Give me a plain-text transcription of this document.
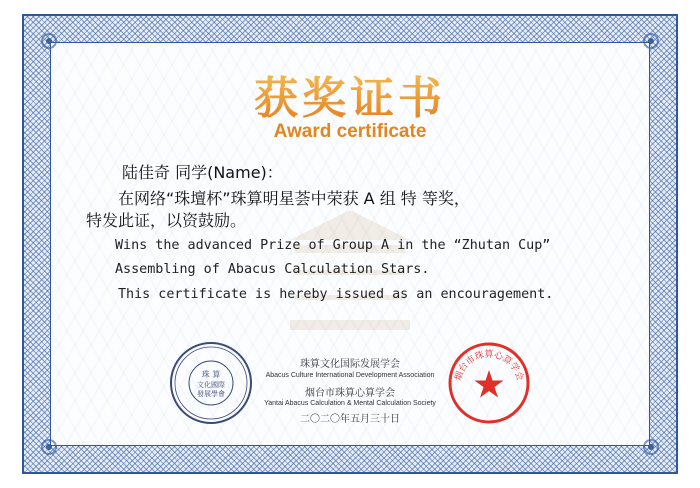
获奖证书
Award certificate
陆佳奇 同学(Name)：
在网络“珠壇杯”珠算明星荟中荣获 A 组 特 等奖，
特发此证，以资鼓励。
Wins the advanced Prize of Group A in the “Zhutan Cup”
Assembling of Abacus Calculation Stars.
This certificate is hereby issued as an encouragement.
珠 算
文化國際
發展學會
烟台市珠算心算学会
珠算文化国际发展学会
Abacus Culture International Development Association
烟台市珠算心算学会
Yantai Abacus Calculation & Mental Calculation Society
二〇二〇年五月三十日
